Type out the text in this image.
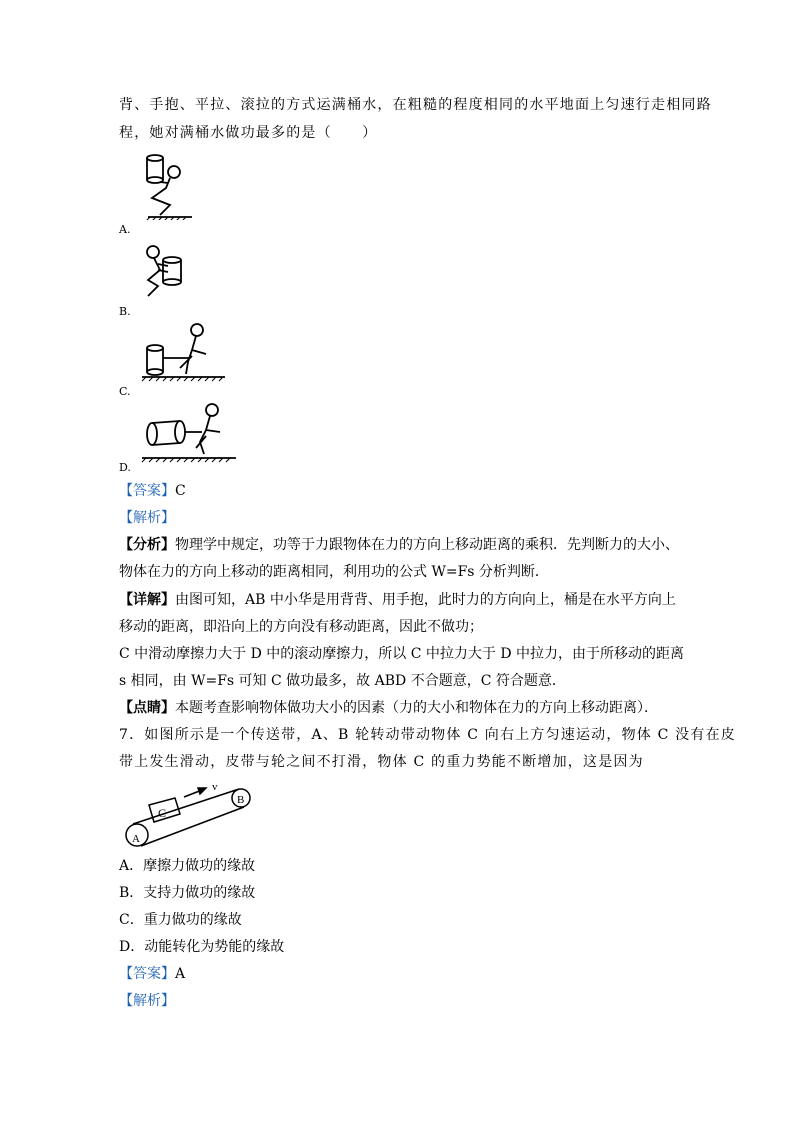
背、手抱、平拉、滚拉的方式运满桶水，在粗糙的程度相同的水平地面上匀速行走相同路
程，她对满桶水做功最多的是（　　）
A.
B.
C.
D.
【答案】C
【解析】
【分析】物理学中规定，功等于力跟物体在力的方向上移动距离的乘积．先判断力的大小、
物体在力的方向上移动的距离相同，利用功的公式 W=Fs 分析判断．
【详解】由图可知，AB 中小华是用背背、用手抱，此时力的方向向上，桶是在水平方向上
移动的距离，即沿向上的方向没有移动距离，因此不做功；
C 中滑动摩擦力大于 D 中的滚动摩擦力，所以 C 中拉力大于 D 中拉力，由于所移动的距离
s 相同，由 W=Fs 可知 C 做功最多，故 ABD 不合题意，C 符合题意．
【点睛】本题考查影响物体做功大小的因素（力的大小和物体在力的方向上移动距离）．
7．如图所示是一个传送带，A、B 轮转动带动物体 C 向右上方匀速运动，物体 C 没有在皮
带上发生滑动，皮带与轮之间不打滑，物体 C 的重力势能不断增加，这是因为
C
v
A
B
A．摩擦力做功的缘故
B．支持力做功的缘故
C．重力做功的缘故
D．动能转化为势能的缘故
【答案】A
【解析】
